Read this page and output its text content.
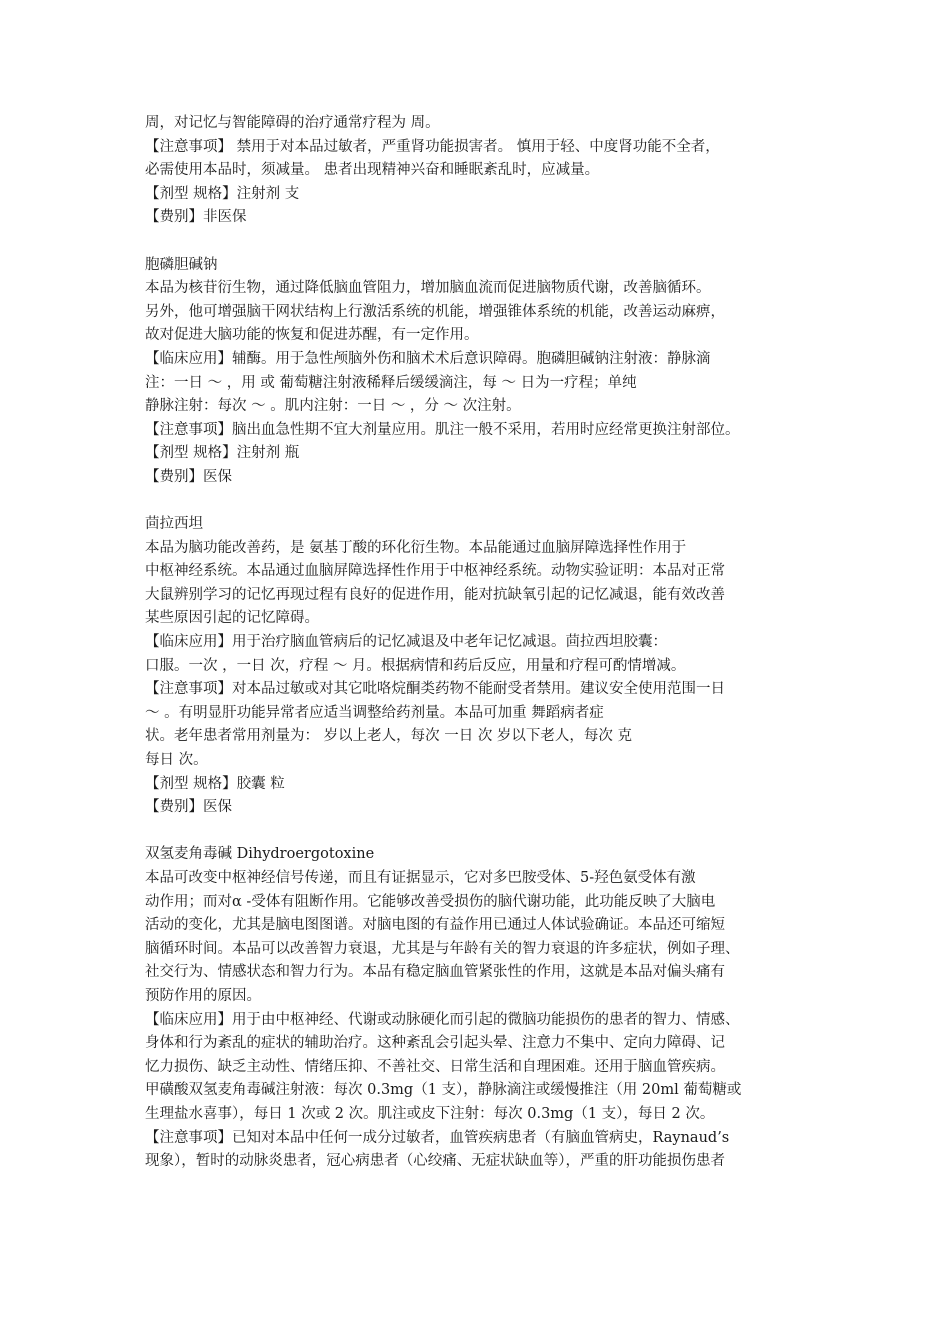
周，对记忆与智能障碍的治疗通常疗程为 周。
【注意事项】 禁用于对本品过敏者，严重肾功能损害者。 慎用于轻、中度肾功能不全者，
必需使用本品时，须减量。 患者出现精神兴奋和睡眠紊乱时，应减量。
【剂型 规格】注射剂 支
【费别】非医保
胞磷胆碱钠
本品为核苷衍生物，通过降低脑血管阻力，增加脑血流而促进脑物质代谢，改善脑循环。
另外，他可增强脑干网状结构上行激活系统的机能，增强锥体系统的机能，改善运动麻痹，
故对促进大脑功能的恢复和促进苏醒，有一定作用。
【临床应用】辅酶。用于急性颅脑外伤和脑术术后意识障碍。胞磷胆碱钠注射液：静脉滴
注：一日 ～ ，用 或 葡萄糖注射液稀释后缓缓滴注，每 ～ 日为一疗程；单纯
静脉注射：每次 ～ 。肌内注射：一日 ～ ，分 ～ 次注射。
【注意事项】脑出血急性期不宜大剂量应用。肌注一般不采用，若用时应经常更换注射部位。
【剂型 规格】注射剂 瓶
【费别】医保
茴拉西坦
本品为脑功能改善药，是 氨基丁酸的环化衍生物。本品能通过血脑屏障选择性作用于
中枢神经系统。本品通过血脑屏障选择性作用于中枢神经系统。动物实验证明：本品对正常
大鼠辨别学习的记忆再现过程有良好的促进作用，能对抗缺氧引起的记忆减退，能有效改善
某些原因引起的记忆障碍。
【临床应用】用于治疗脑血管病后的记忆减退及中老年记忆减退。茴拉西坦胶囊：
口服。一次 ，一日 次，疗程 ～ 月。根据病情和药后反应，用量和疗程可酌情增减。
【注意事项】对本品过敏或对其它吡咯烷酮类药物不能耐受者禁用。建议安全使用范围一日
～ 。有明显肝功能异常者应适当调整给药剂量。本品可加重 舞蹈病者症
状。老年患者常用剂量为： 岁以上老人，每次 一日 次 岁以下老人，每次 克
每日 次。
【剂型 规格】胶囊 粒
【费别】医保
双氢麦角毒碱 Dihydroergotoxine
本品可改变中枢神经信号传递，而且有证据显示，它对多巴胺受体、5-羟色氨受体有激
动作用；而对α -受体有阻断作用。它能够改善受损伤的脑代谢功能，此功能反映了大脑电
活动的变化，尤其是脑电图图谱。对脑电图的有益作用已通过人体试验确证。本品还可缩短
脑循环时间。本品可以改善智力衰退，尤其是与年龄有关的智力衰退的许多症状，例如子理、
社交行为、情感状态和智力行为。本品有稳定脑血管紧张性的作用，这就是本品对偏头痛有
预防作用的原因。
【临床应用】用于由中枢神经、代谢或动脉硬化而引起的微脑功能损伤的患者的智力、情感、
身体和行为紊乱的症状的辅助治疗。这种紊乱会引起头晕、注意力不集中、定向力障碍、记
忆力损伤、缺乏主动性、情绪压抑、不善社交、日常生活和自理困难。还用于脑血管疾病。
甲磺酸双氢麦角毒碱注射液：每次 0.3mg（1 支），静脉滴注或缓慢推注（用 20ml 葡萄糖或
生理盐水喜事），每日 1 次或 2 次。肌注或皮下注射：每次 0.3mg（1 支），每日 2 次。
【注意事项】已知对本品中任何一成分过敏者，血管疾病患者（有脑血管病史，Raynaud’s
现象），暂时的动脉炎患者，冠心病患者（心绞痛、无症状缺血等），严重的肝功能损伤患者
